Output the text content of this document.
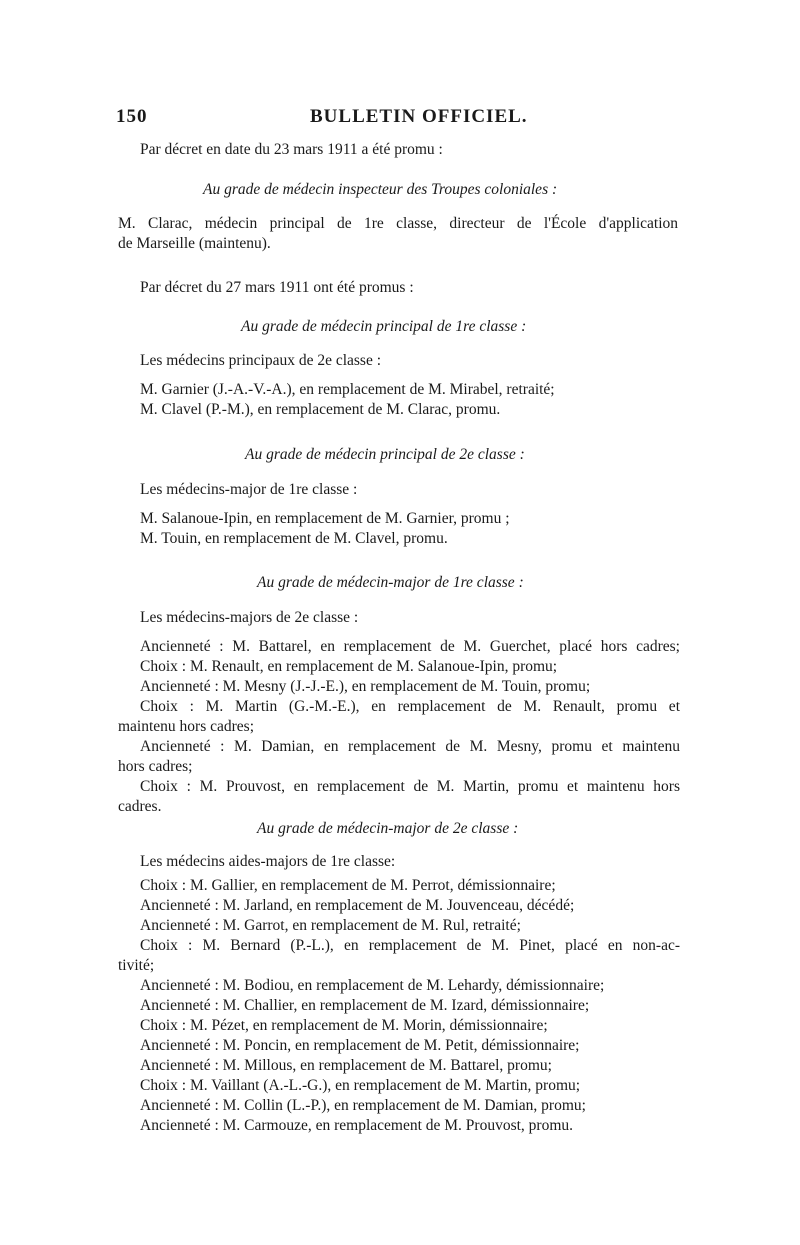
150	BULLETIN OFFICIEL.
Par décret en date du 23 mars 1911 a été promu :
Au grade de médecin inspecteur des Troupes coloniales :
M. Clarac, médecin principal de 1re classe, directeur de l'École d'application
de Marseille (maintenu).
Par décret du 27 mars 1911 ont été promus :
Au grade de médecin principal de 1re classe :
Les médecins principaux de 2e classe :
M. Garnier (J.-A.-V.-A.), en remplacement de M. Mirabel, retraité;
M. Clavel (P.-M.), en remplacement de M. Clarac, promu.
Au grade de médecin principal de 2e classe :
Les médecins-major de 1re classe :
M. Salanoue-Ipin, en remplacement de M. Garnier, promu ;
M. Touin, en remplacement de M. Clavel, promu.
Au grade de médecin-major de 1re classe :
Les médecins-majors de 2e classe :
Ancienneté : M. Battarel, en remplacement de M. Guerchet, placé hors cadres;
Choix : M. Renault, en remplacement de M. Salanoue-Ipin, promu;
Ancienneté : M. Mesny (J.-J.-E.), en remplacement de M. Touin, promu;
Choix : M. Martin (G.-M.-E.), en remplacement de M. Renault, promu et
maintenu hors cadres;
Ancienneté : M. Damian, en remplacement de M. Mesny, promu et maintenu
hors cadres;
Choix : M. Prouvost, en remplacement de M. Martin, promu et maintenu hors
cadres.
Au grade de médecin-major de 2e classe :
Les médecins aides-majors de 1re classe:
Choix : M. Gallier, en remplacement de M. Perrot, démissionnaire;
Ancienneté : M. Jarland, en remplacement de M. Jouvenceau, décédé;
Ancienneté : M. Garrot, en remplacement de M. Rul, retraité;
Choix : M. Bernard (P.-L.), en remplacement de M. Pinet, placé en non-ac-
tivité;
Ancienneté : M. Bodiou, en remplacement de M. Lehardy, démissionnaire;
Ancienneté : M. Challier, en remplacement de M. Izard, démissionnaire;
Choix : M. Pézet, en remplacement de M. Morin, démissionnaire;
Ancienneté : M. Poncin, en remplacement de M. Petit, démissionnaire;
Ancienneté : M. Millous, en remplacement de M. Battarel, promu;
Choix : M. Vaillant (A.-L.-G.), en remplacement de M. Martin, promu;
Ancienneté : M. Collin (L.-P.), en remplacement de M. Damian, promu;
Ancienneté : M. Carmouze, en remplacement de M. Prouvost, promu.
